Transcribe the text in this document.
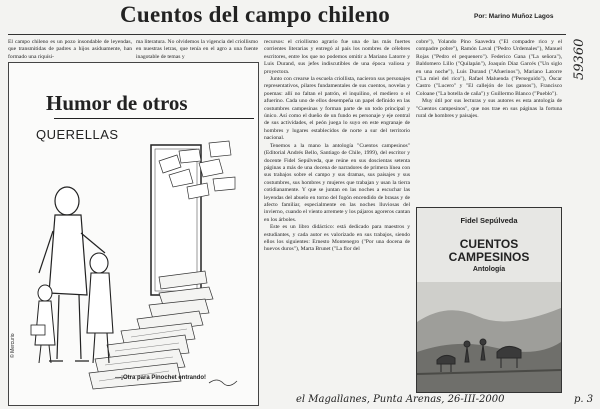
Cuentos del campo chileno	Por: Marino Muñoz Lagos

El campo chileno es un pozo insondable de leyendas, que transmitidas de padres a hijos asiduamente, han formado una riquísi-

ma literatura. No olvidemos la vigencia del criollismo en nuestras letras, que tenía en el agro a una fuente inagotable de temas y

recursos: el criollismo agrario fue una de las más fuertes corrientes literarias y entregó al país los nombres de célebres escritores, entre los que no podemos omitir a Mariano Latorre y Luis Durand, sus jefes indiscutibles de una época valiosa y proyectora.

Junto con crearse la escuela criollista, nacieron sus personajes representativos, pilares fundamentales de sus cuentos, novelas y poemas: allí no faltan el patrón, el inquilino, el mediero o el afuerino. Cada uno de ellos desempeña un papel definido en las costumbres campesinas y forman parte de un todo principal y único. Así como el dueño de un fundo es personaje y eje central de sus actividades, el peón juega lo suyo en este engranaje de hombres y lugares establecidos de norte a sur del territorio nacional.

Tenemos a la mano la antología "Cuentos campesinos" (Editorial Andrés Bello, Santiago de Chile, 1999), del escritor y docente Fidel Sepúlveda, que reúne en sus doscientas setenta páginas a más de una docena de narradores de primera línea con sus trabajos sobre el campo y sus dramas, sus paisajes y sus costumbres, sus hombres y mujeres que trabajan y usan la tierra cotidianamente. Y que se juntan en las noches a escuchar las leyendas del abuelo en torno del fogón encendido de brasas y de afecto familiar, especialmente en las noches lluviosas del invierno, cuando el viento arremete y los pájaros agoreros cantan en los árboles.

Este es un libro didáctico: está dedicado para maestros y estudiantes, y cada autor es valorizado en sus trabajos, siendo ellos los siguientes: Ernesto Montenegro ("Por una docena de huevos duros"), Marta Brunet ("La flor del

cobre"), Yolando Pino Saavedra ("El compadre rico y el compadre pobre"), Ramón Laval ("Pedro Urdemales"), Manuel Rojas ("Pedro el pequenero"). Federico Gana ("La señora"), Baldomero Lillo ("Quilapán"), Joaquín Díaz Garcés ("Un siglo en una noche"), Luis Durand ("Afuerinos"), Mariano Latorre ("La miel del rico"), Rafael Maluenda ("Perseguido"), Óscar Castro ("Lucero" y "El callejón de los gansos"), Francisco Coloane ("La botella de caña") y Guillermo Blanco ("Pueblo").

Muy útil por sus lecturas y sus autores es esta antología de "Cuentos campesinos", que nos trae en sus páginas la fortuna rural de hombres y paisajes.

Humor de otros
QUERELLAS
© Mercurio
—¡Otra para Pinochet entrando!
Fidel Sepúlveda
CUENTOS
CAMPESINOS
Antología
el Magallanes, Punta Arenas, 26-III-2000	p. 3
59360
